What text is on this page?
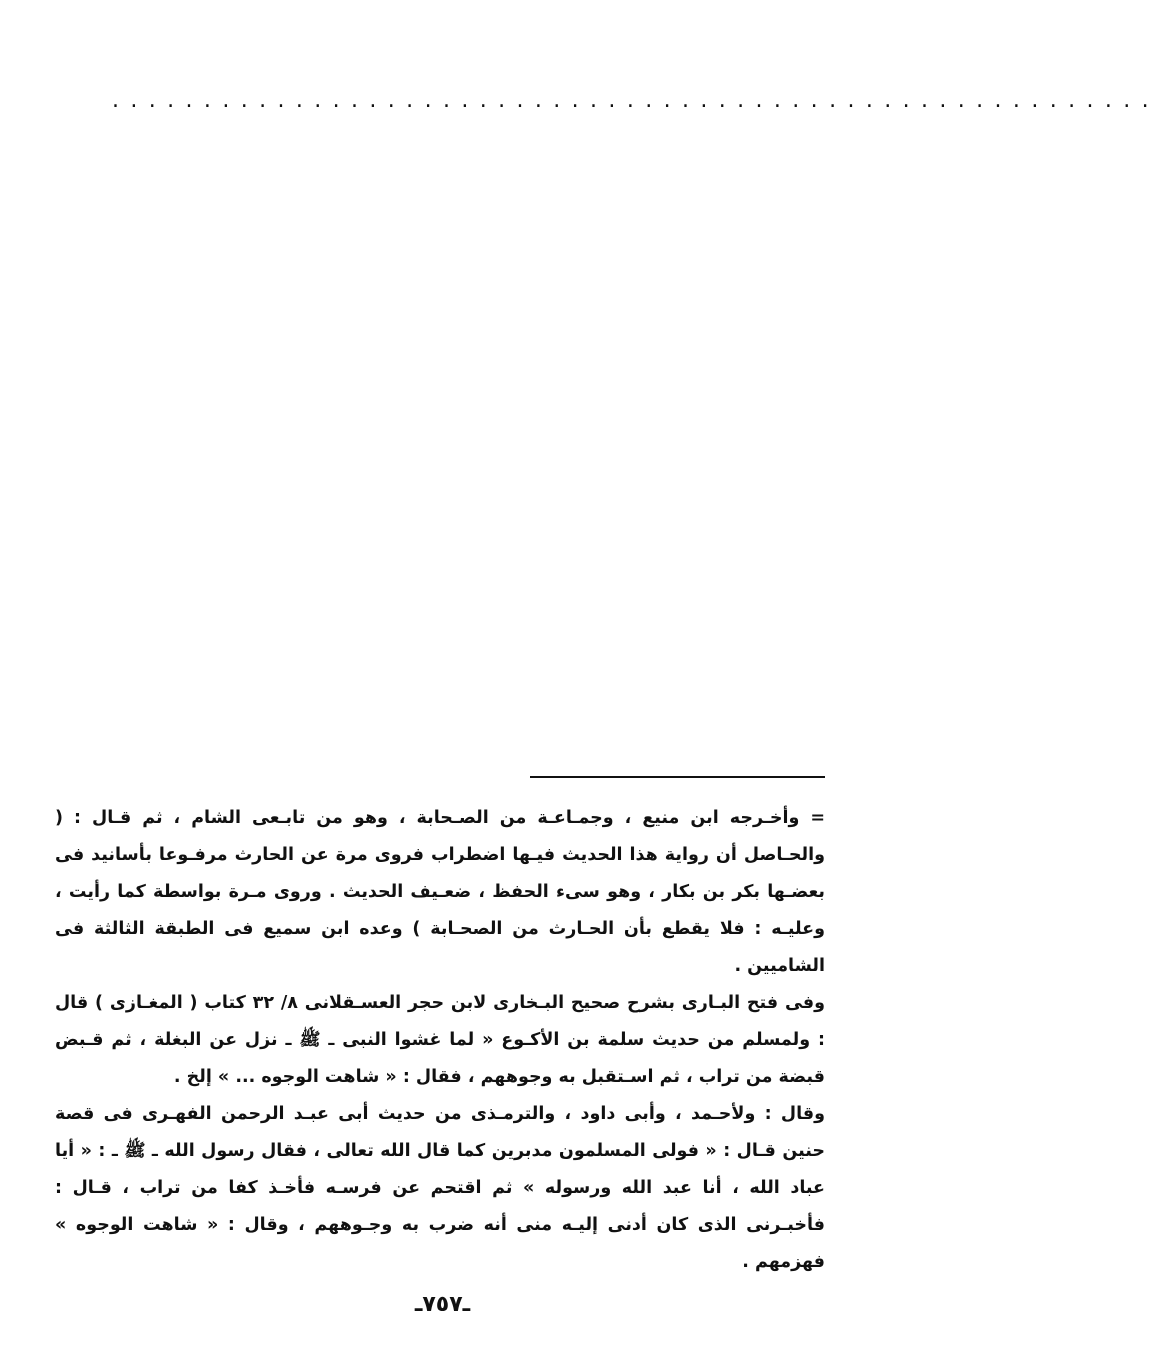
. . . . . . . . . . . . . . . . . . . . . . . . . . . . . . . . . . . . . . . . . . . . . . . . . . . . . . . . .

= وأخـرجه ابن منيع ، وجمـاعـة من الصـحابة ، وهو من تابـعى الشام ، ثم قـال : ( والحـاصل أن رواية هذا الحديث فيـها اضطراب فروى مرة عن الحارث مرفـوعا بأسانيد فى بعضـها بكر بن بكار ، وهو سىء الحفظ ، ضعـيف الحديث . وروى مـرة بواسطة كما رأيت ، وعليـه : فلا يقطع بأن الحـارث من الصحـابة ) وعده ابن سميع فى الطبقة الثالثة فى الشاميين .

وفى فتح البـارى بشرح صحيح البـخارى لابن حجر العسـقلانى ٨/ ٣٢ كتاب ( المغـازى ) قال : ولمسلم من حديث سلمة بن الأكـوع « لما غشوا النبى ـ ﷺ ـ نزل عن البغلة ، ثم قـبض قبضة من تراب ، ثم اسـتقبل به وجوههم ، فقال : « شاهت الوجوه ... » إلخ .

وقال : ولأحـمد ، وأبى داود ، والترمـذى من حديث أبى عبـد الرحمن الفهـرى فى قصة حنين قـال : « فولى المسلمون مدبرين كما قال الله تعالى ، فقال رسول الله ـ ﷺ ـ : « أيا عباد الله ، أنا عبد الله ورسوله » ثم اقتحم عن فرسـه فأخـذ كفا من تراب ، قـال : فأخبـرنى الذى كان أدنى إليـه منى أنه ضرب به وجـوههم ، وقال : « شاهت الوجوه » فهزمهم .

ـ٧٥٧ـ
